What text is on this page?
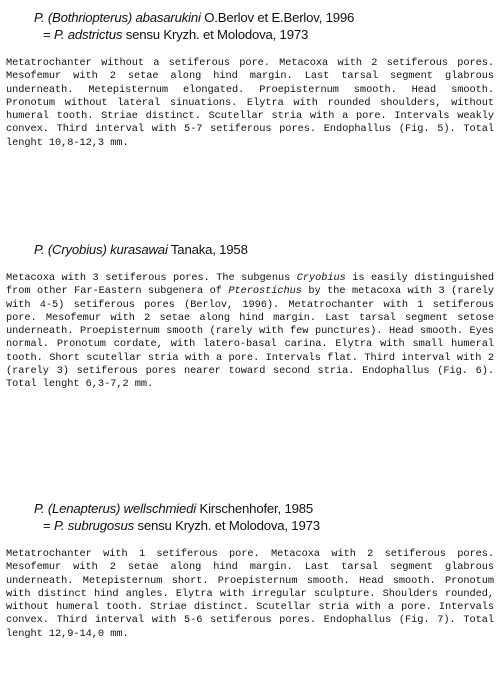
P. (Bothriopterus) abasarukini O.Berlov et E.Berlov, 1996
= P. adstrictus sensu Kryzh. et Molodova, 1973
Metatrochanter without a setiferous pore. Metacoxa with 2 setiferous pores. Mesofemur with 2 setae along hind margin. Last tarsal segment glabrous underneath. Metepisternum elongated. Proepisternum smooth. Head smooth. Pronotum without lateral sinuations. Elytra with rounded shoulders, without humeral tooth. Striae distinct. Scutellar stria with a pore. Intervals weakly convex. Third interval with 5-7 setiferous pores. Endophallus (Fig. 5). Total lenght 10,8-12,3 mm.
P. (Cryobius) kurasawai Tanaka, 1958
Metacoxa with 3 setiferous pores. The subgenus Cryobius is easily distinguished from other Far-Eastern subgenera of Pterostichus by the metacoxa with 3 (rarely with 4-5) setiferous pores (Berlov, 1996). Metatrochanter with 1 setiferous pore. Mesofemur with 2 setae along hind margin. Last tarsal segment setose underneath. Proepisternum smooth (rarely with few punctures). Head smooth. Eyes normal. Pronotum cordate, with latero-basal carina. Elytra with small humeral tooth. Short scutellar stria with a pore. Intervals flat. Third interval with 2 (rarely 3) setiferous pores nearer toward second stria. Endophallus (Fig. 6). Total lenght 6,3-7,2 mm.
P. (Lenapterus) wellschmiedi Kirschenhofer, 1985
= P. subrugosus sensu Kryzh. et Molodova, 1973
Metatrochanter with 1 setiferous pore. Metacoxa with 2 setiferous pores. Mesofemur with 2 setae along hind margin. Last tarsal segment glabrous underneath. Metepisternum short. Proepisternum smooth. Head smooth. Pronotum with distinct hind angles. Elytra with irregular sculpture. Shoulders rounded, without humeral tooth. Striae distinct. Scutellar stria with a pore. Intervals convex. Third interval with 5-6 setiferous pores. Endophallus (Fig. 7). Total lenght 12,9-14,0 mm.
